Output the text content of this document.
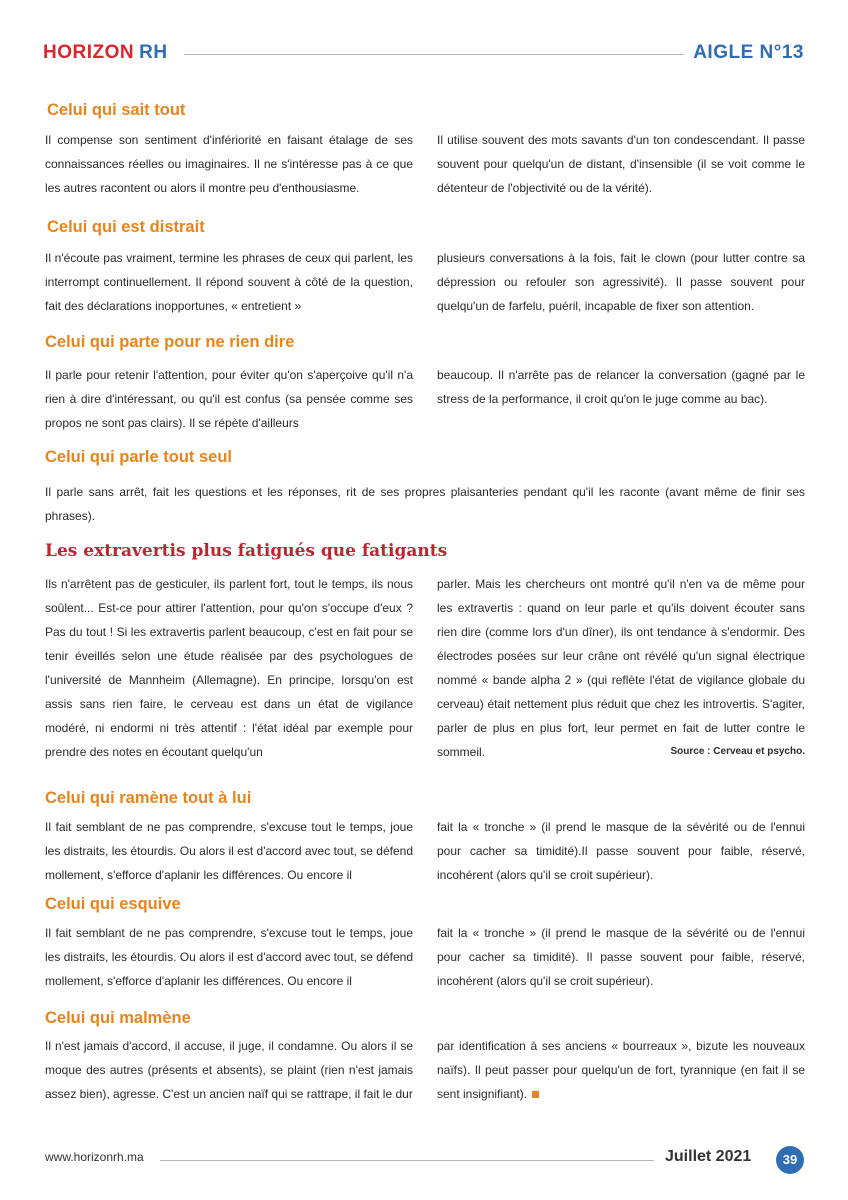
HORIZON RH	AIGLE N°13
Celui qui sait tout

Il compense son sentiment d'infériorité en faisant étalage de ses connaissances réelles ou imaginaires. Il ne s'intéresse pas à ce que les autres racontent ou alors il montre peu d'enthousiasme.

Il utilise souvent des mots savants d'un ton condescendant. Il passe souvent pour quelqu'un de distant, d'insensible (il se voit comme le détenteur de l'objectivité ou de la vérité).

Celui qui est distrait

Il n'écoute pas vraiment, termine les phrases de ceux qui parlent, les interrompt continuellement. Il répond souvent à côté de la question, fait des déclarations inopportunes, « entretient »

plusieurs conversations à la fois, fait le clown (pour lutter contre sa dépression ou refouler son agressivité). Il passe souvent pour quelqu'un de farfelu, puéril, incapable de fixer son attention.

Celui qui parte pour ne rien dire

Il parle pour retenir l'attention, pour éviter qu'on s'aperçoive qu'il n'a rien à dire d'intéressant, ou qu'il est confus (sa pensée comme ses propos ne sont pas clairs). Il se répète d'ailleurs

beaucoup. Il n'arrête pas de relancer la conversation (gagné par le stress de la performance, il croit qu'on le juge comme au bac).

Celui qui parle tout seul

Il parle sans arrêt, fait les questions et les réponses, rit de ses propres plaisanteries pendant qu'il les raconte (avant même de finir ses phrases).

Les extravertis plus fatigués que fatigants

Ils n'arrêtent pas de gesticuler, ils parlent fort, tout le temps, ils nous soûlent... Est-ce pour attirer l'attention, pour qu'on s'occupe d'eux ? Pas du tout ! Si les extravertis parlent beaucoup, c'est en fait pour se tenir éveillés selon une étude réalisée par des psychologues de l'université de Mannheim (Allemagne). En principe, lorsqu'on est assis sans rien faire, le cerveau est dans un état de vigilance modéré, ni endormi ni très attentif : l'état idéal par exemple pour prendre des notes en écoutant quelqu'un

parler. Mais les chercheurs ont montré qu'il n'en va de même pour les extravertis : quand on leur parle et qu'ils doivent écouter sans rien dire (comme lors d'un dîner), ils ont tendance à s'endormir. Des électrodes posées sur leur crâne ont révélé qu'un signal électrique nommé « bande alpha 2 » (qui reflète l'état de vigilance globale du cerveau) était nettement plus réduit que chez les introvertis. S'agiter, parler de plus en plus fort, leur permet en fait de lutter contre le sommeil.	Source : Cerveau et psycho.
Celui qui ramène tout à lui

Il fait semblant de ne pas comprendre, s'excuse tout le temps, joue les distraits, les étourdis. Ou alors il est d'accord avec tout, se défend mollement, s'efforce d'aplanir les différences. Ou encore il

fait la « tronche » (il prend le masque de la sévérité ou de l'ennui pour cacher sa timidité).Il passe souvent pour faible, réservé, incohérent (alors qu'il se croit supérieur).

Celui qui esquive

Il fait semblant de ne pas comprendre, s'excuse tout le temps, joue les distraits, les étourdis. Ou alors il est d'accord avec tout, se défend mollement, s'efforce d'aplanir les différences. Ou encore il

fait la « tronche » (il prend le masque de la sévérité ou de l'ennui pour cacher sa timidité). Il passe souvent pour faible, réservé, incohérent (alors qu'il se croit supérieur).

Celui qui malmène

Il n'est jamais d'accord, il accuse, il juge, il condamne. Ou alors il se moque des autres (présents et absents), se plaint (rien n'est jamais assez bien), agresse. C'est un ancien naïf qui se rattrape, il fait le dur

par identification à ses anciens « bourreaux », bizute les nouveaux naïfs). Il peut passer pour quelqu'un de fort, tyrannique (en fait il se sent insignifiant).
www.horizonrh.ma	Juillet 2021	39
